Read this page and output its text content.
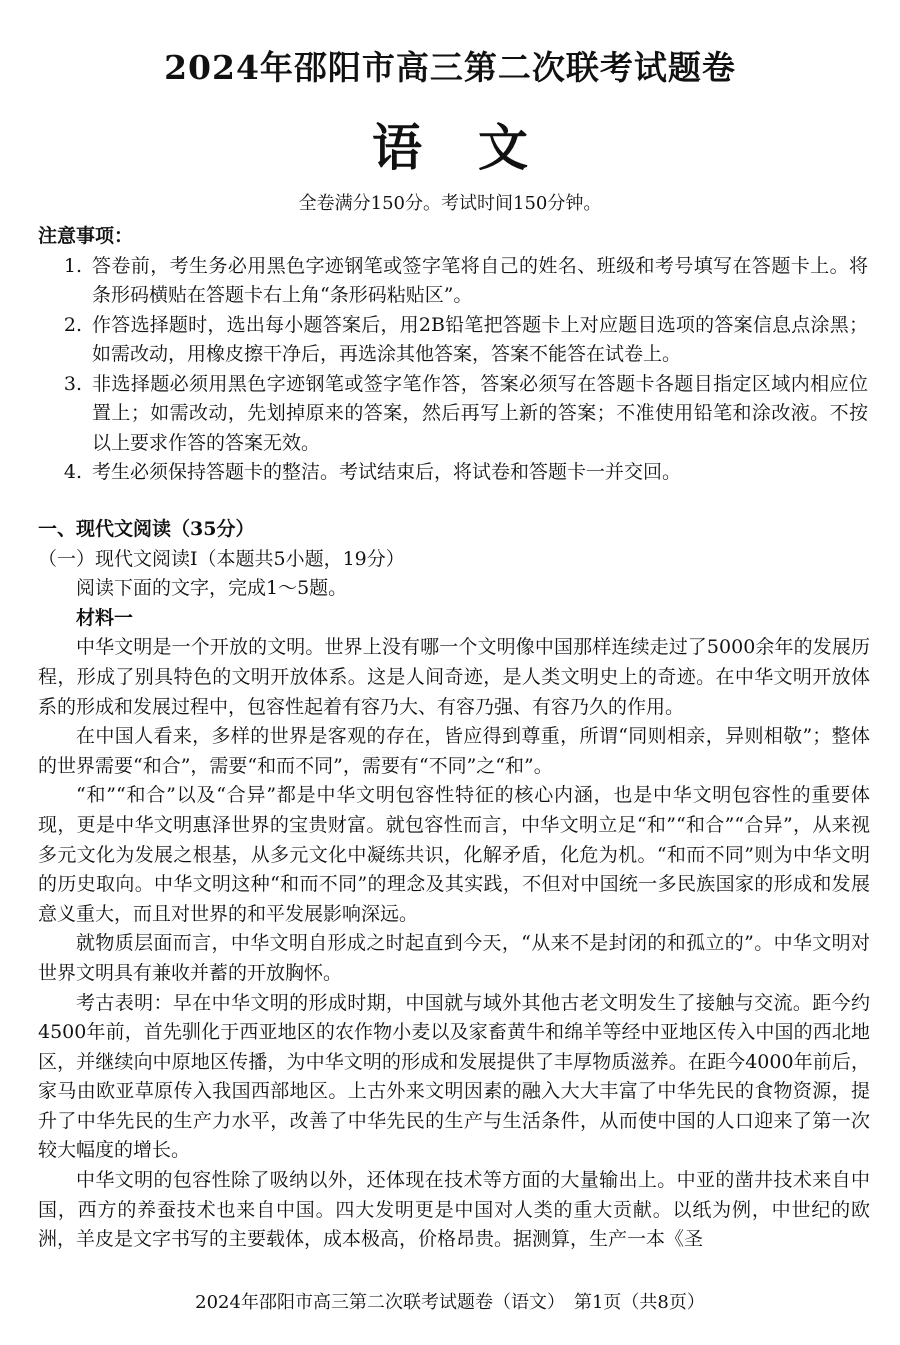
2024年邵阳市高三第二次联考试题卷
语文
全卷满分150分。考试时间150分钟。
注意事项：
1. 答卷前，考生务必用黑色字迹钢笔或签字笔将自己的姓名、班级和考号填写在答题卡上。将条形码横贴在答题卡右上角“条形码粘贴区”。
2. 作答选择题时，选出每小题答案后，用2B铅笔把答题卡上对应题目选项的答案信息点涂黑；如需改动，用橡皮擦干净后，再选涂其他答案，答案不能答在试卷上。
3. 非选择题必须用黑色字迹钢笔或签字笔作答，答案必须写在答题卡各题目指定区域内相应位置上；如需改动，先划掉原来的答案，然后再写上新的答案；不准使用铅笔和涂改液。不按以上要求作答的答案无效。
4. 考生必须保持答题卡的整洁。考试结束后，将试卷和答题卡一并交回。
一、现代文阅读（35分）
（一）现代文阅读Ⅰ（本题共5小题，19分）
阅读下面的文字，完成1～5题。
材料一

中华文明是一个开放的文明。世界上没有哪一个文明像中国那样连续走过了5000余年的发展历程，形成了别具特色的文明开放体系。这是人间奇迹，是人类文明史上的奇迹。在中华文明开放体系的形成和发展过程中，包容性起着有容乃大、有容乃强、有容乃久的作用。

在中国人看来，多样的世界是客观的存在，皆应得到尊重，所谓“同则相亲，异则相敬”；整体的世界需要“和合”，需要“和而不同”，需要有“不同”之“和”。

“和”“和合”以及“合异”都是中华文明包容性特征的核心内涵，也是中华文明包容性的重要体现，更是中华文明惠泽世界的宝贵财富。就包容性而言，中华文明立足“和”“和合”“合异”，从来视多元文化为发展之根基，从多元文化中凝练共识，化解矛盾，化危为机。“和而不同”则为中华文明的历史取向。中华文明这种“和而不同”的理念及其实践，不但对中国统一多民族国家的形成和发展意义重大，而且对世界的和平发展影响深远。

就物质层面而言，中华文明自形成之时起直到今天，“从来不是封闭的和孤立的”。中华文明对世界文明具有兼收并蓄的开放胸怀。

考古表明：早在中华文明的形成时期，中国就与域外其他古老文明发生了接触与交流。距今约4500年前，首先驯化于西亚地区的农作物小麦以及家畜黄牛和绵羊等经中亚地区传入中国的西北地区，并继续向中原地区传播，为中华文明的形成和发展提供了丰厚物质滋养。在距今4000年前后，家马由欧亚草原传入我国西部地区。上古外来文明因素的融入大大丰富了中华先民的食物资源，提升了中华先民的生产力水平，改善了中华先民的生产与生活条件，从而使中国的人口迎来了第一次较大幅度的增长。

中华文明的包容性除了吸纳以外，还体现在技术等方面的大量输出上。中亚的凿井技术来自中国，西方的养蚕技术也来自中国。四大发明更是中国对人类的重大贡献。以纸为例，中世纪的欧洲，羊皮是文字书写的主要载体，成本极高，价格昂贵。据测算，生产一本《圣

2024年邵阳市高三第二次联考试题卷（语文）　第1页（共8页）
